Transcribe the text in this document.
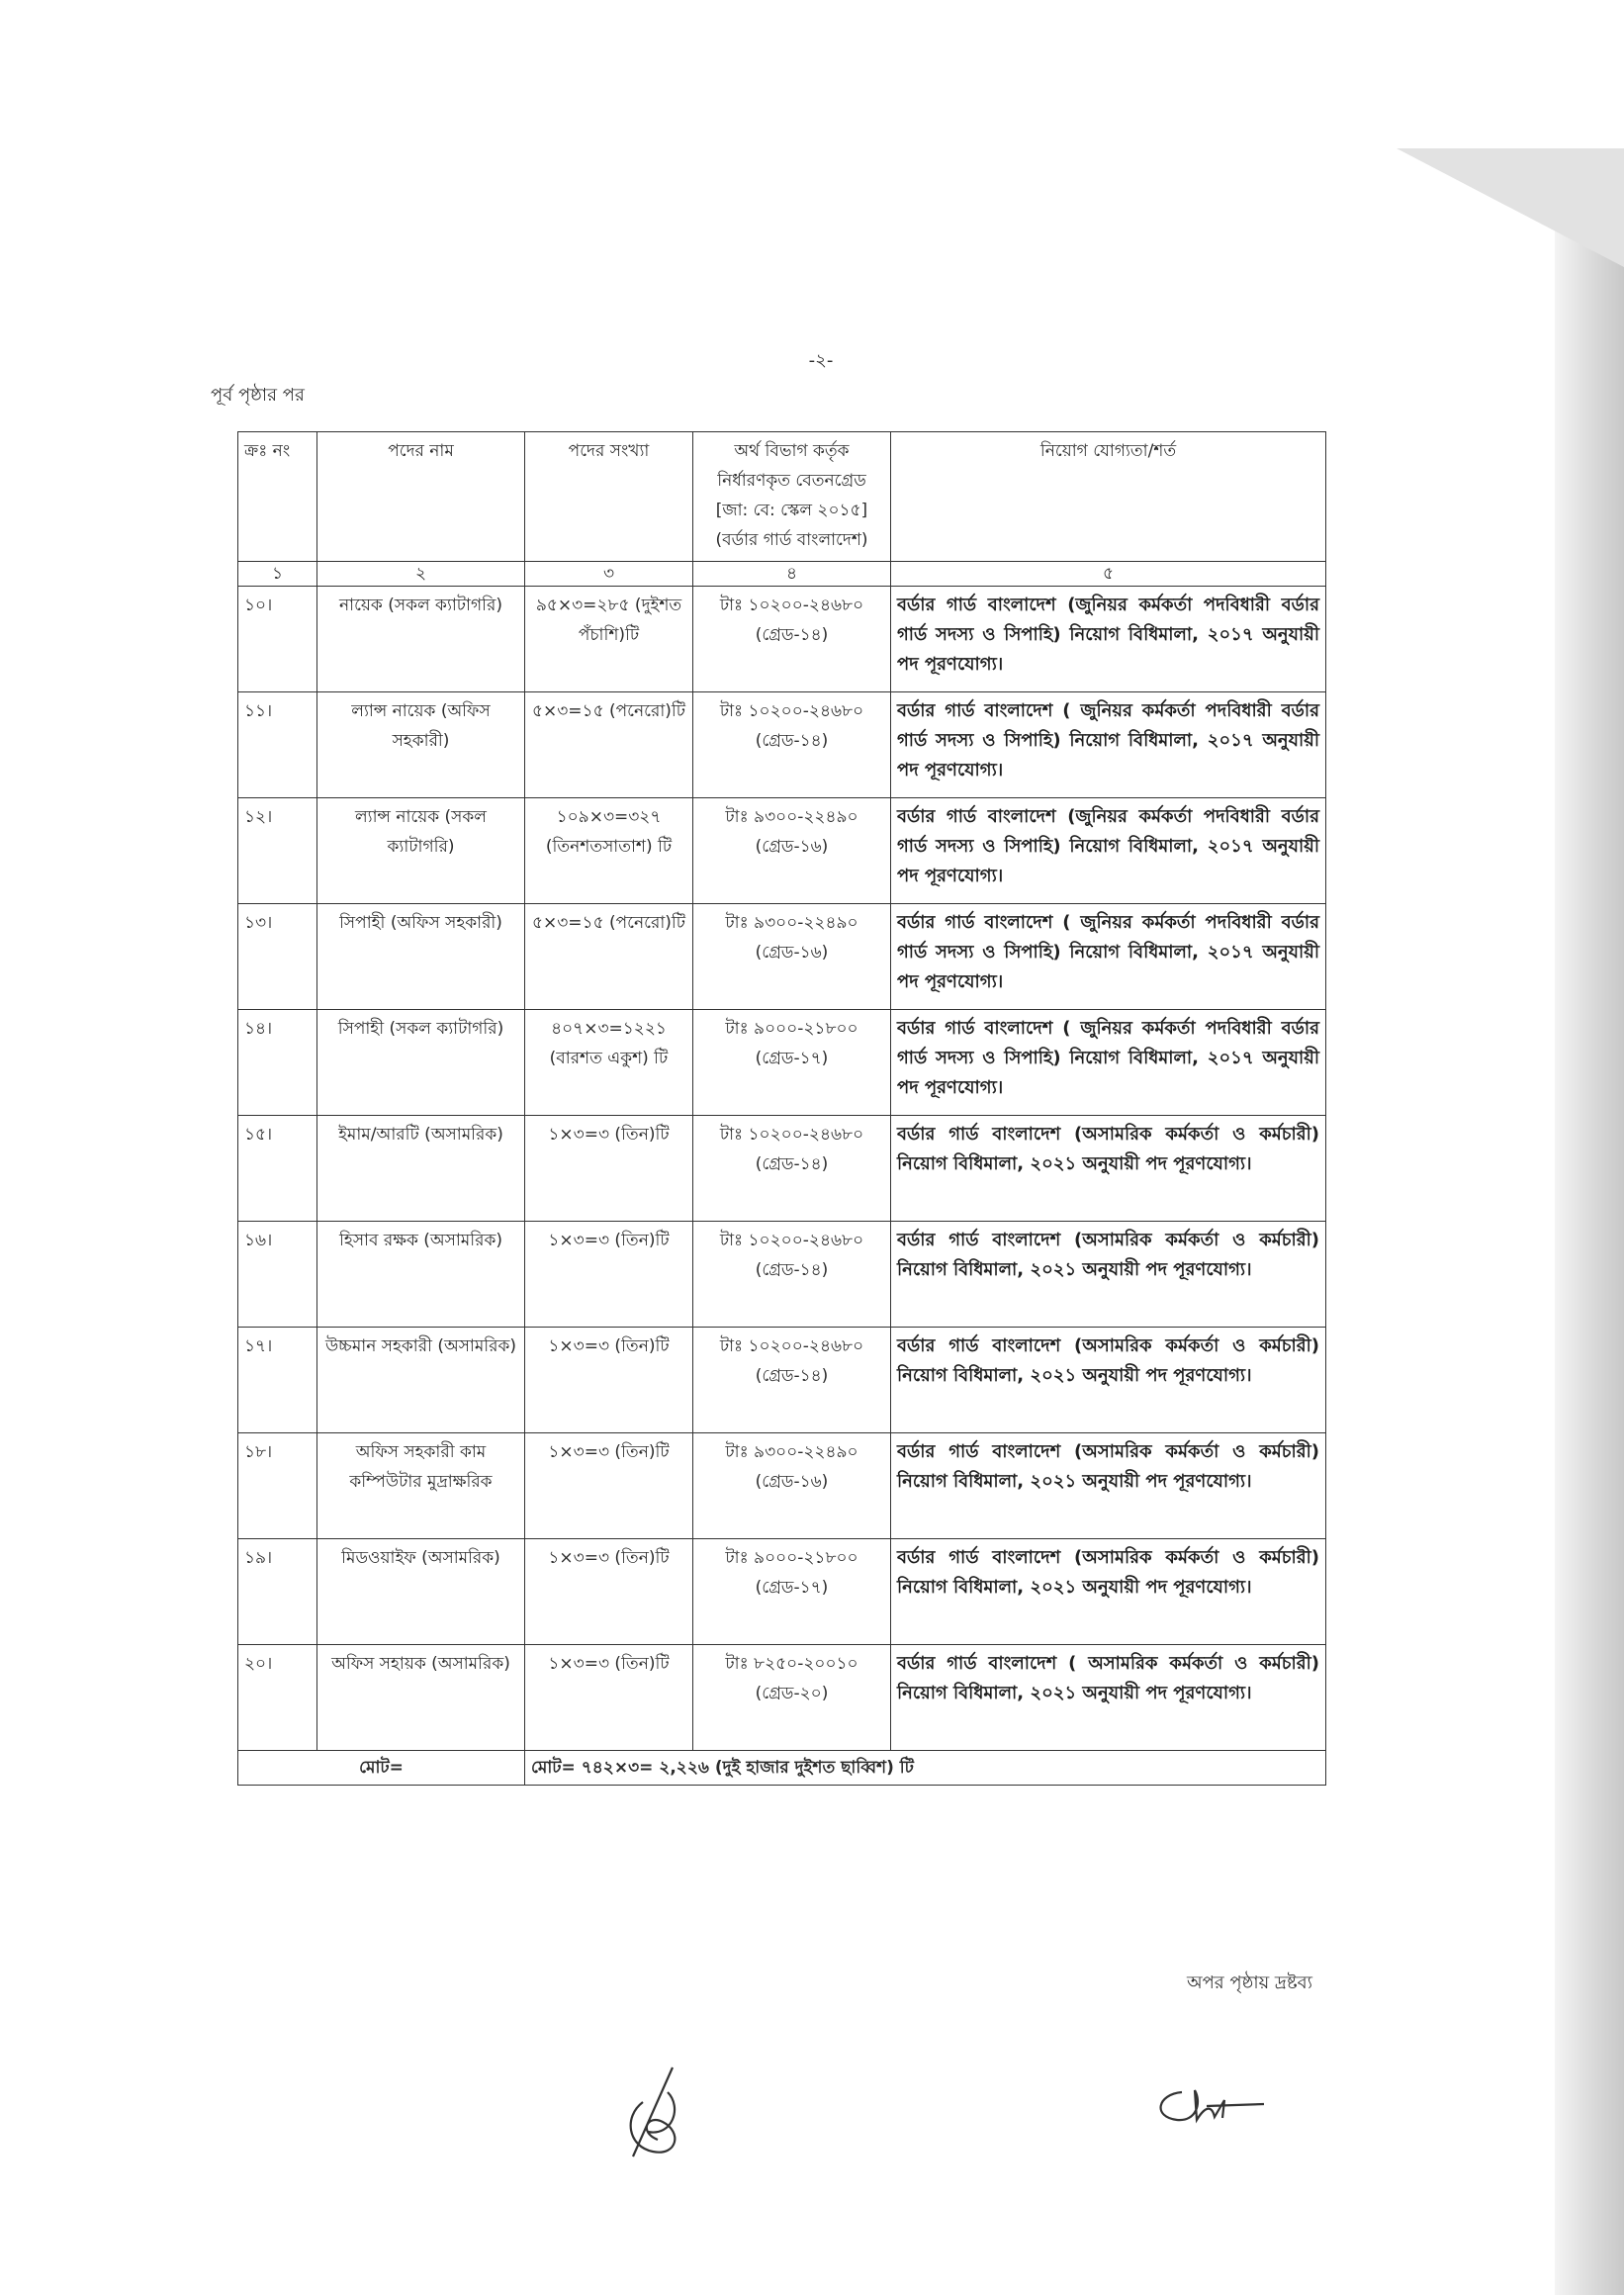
-২-
পূর্ব পৃষ্ঠার পর
ক্রঃ নং	পদের নাম	পদের সংখ্যা	অর্থ বিভাগ কর্তৃক নির্ধারণকৃত বেতনগ্রেড [জা: বে: স্কেল ২০১৫] (বর্ডার গার্ড বাংলাদেশ)	নিয়োগ যোগ্যতা/শর্ত
১	২	৩	৪	৫
১০।	নায়েক (সকল ক্যাটাগরি)	৯৫×৩=২৮৫ (দুইশত পঁচাশি)টি	টাঃ ১০২০০-২৪৬৮০ (গ্রেড-১৪)	বর্ডার গার্ড বাংলাদেশ (জুনিয়র কর্মকর্তা পদবিধারী বর্ডার গার্ড সদস্য ও সিপাহি) নিয়োগ বিধিমালা, ২০১৭ অনুযায়ী পদ পূরণযোগ্য।
১১।	ল্যান্স নায়েক (অফিস সহকারী)	৫×৩=১৫ (পনেরো)টি	টাঃ ১০২০০-২৪৬৮০ (গ্রেড-১৪)	বর্ডার গার্ড বাংলাদেশ ( জুনিয়র কর্মকর্তা পদবিধারী বর্ডার গার্ড সদস্য ও সিপাহি) নিয়োগ বিধিমালা, ২০১৭ অনুযায়ী পদ পূরণযোগ্য।
১২।	ল্যান্স নায়েক (সকল ক্যাটাগরি)	১০৯×৩=৩২৭ (তিনশতসাতাশ) টি	টাঃ ৯৩০০-২২৪৯০ (গ্রেড-১৬)	বর্ডার গার্ড বাংলাদেশ (জুনিয়র কর্মকর্তা পদবিধারী বর্ডার গার্ড সদস্য ও সিপাহি) নিয়োগ বিধিমালা, ২০১৭ অনুযায়ী পদ পূরণযোগ্য।
১৩।	সিপাহী (অফিস সহকারী)	৫×৩=১৫ (পনেরো)টি	টাঃ ৯৩০০-২২৪৯০ (গ্রেড-১৬)	বর্ডার গার্ড বাংলাদেশ ( জুনিয়র কর্মকর্তা পদবিধারী বর্ডার গার্ড সদস্য ও সিপাহি) নিয়োগ বিধিমালা, ২০১৭ অনুযায়ী পদ পূরণযোগ্য।
১৪।	সিপাহী (সকল ক্যাটাগরি)	৪০৭×৩=১২২১ (বারশত একুশ) টি	টাঃ ৯০০০-২১৮০০ (গ্রেড-১৭)	বর্ডার গার্ড বাংলাদেশ ( জুনিয়র কর্মকর্তা পদবিধারী বর্ডার গার্ড সদস্য ও সিপাহি) নিয়োগ বিধিমালা, ২০১৭ অনুযায়ী পদ পূরণযোগ্য।
১৫।	ইমাম/আরটি (অসামরিক)	১×৩=৩ (তিন)টি	টাঃ ১০২০০-২৪৬৮০ (গ্রেড-১৪)	বর্ডার গার্ড বাংলাদেশ (অসামরিক কর্মকর্তা ও কর্মচারী) নিয়োগ বিধিমালা, ২০২১ অনুযায়ী পদ পূরণযোগ্য।
১৬।	হিসাব রক্ষক (অসামরিক)	১×৩=৩ (তিন)টি	টাঃ ১০২০০-২৪৬৮০ (গ্রেড-১৪)	বর্ডার গার্ড বাংলাদেশ (অসামরিক কর্মকর্তা ও কর্মচারী) নিয়োগ বিধিমালা, ২০২১ অনুযায়ী পদ পূরণযোগ্য।
১৭।	উচ্চমান সহকারী (অসামরিক)	১×৩=৩ (তিন)টি	টাঃ ১০২০০-২৪৬৮০ (গ্রেড-১৪)	বর্ডার গার্ড বাংলাদেশ (অসামরিক কর্মকর্তা ও কর্মচারী) নিয়োগ বিধিমালা, ২০২১ অনুযায়ী পদ পূরণযোগ্য।
১৮।	অফিস সহকারী কাম কম্পিউটার মুদ্রাক্ষরিক	১×৩=৩ (তিন)টি	টাঃ ৯৩০০-২২৪৯০ (গ্রেড-১৬)	বর্ডার গার্ড বাংলাদেশ (অসামরিক কর্মকর্তা ও কর্মচারী) নিয়োগ বিধিমালা, ২০২১ অনুযায়ী পদ পূরণযোগ্য।
১৯।	মিডওয়াইফ (অসামরিক)	১×৩=৩ (তিন)টি	টাঃ ৯০০০-২১৮০০ (গ্রেড-১৭)	বর্ডার গার্ড বাংলাদেশ (অসামরিক কর্মকর্তা ও কর্মচারী) নিয়োগ বিধিমালা, ২০২১ অনুযায়ী পদ পূরণযোগ্য।
২০।	অফিস সহায়ক (অসামরিক)	১×৩=৩ (তিন)টি	টাঃ ৮২৫০-২০০১০ (গ্রেড-২০)	বর্ডার গার্ড বাংলাদেশ ( অসামরিক কর্মকর্তা ও কর্মচারী) নিয়োগ বিধিমালা, ২০২১ অনুযায়ী পদ পূরণযোগ্য।
মোট=		মোট= ৭৪২×৩= ২,২২৬ (দুই হাজার দুইশত ছাব্বিশ) টি		
অপর পৃষ্ঠায় দ্রষ্টব্য
